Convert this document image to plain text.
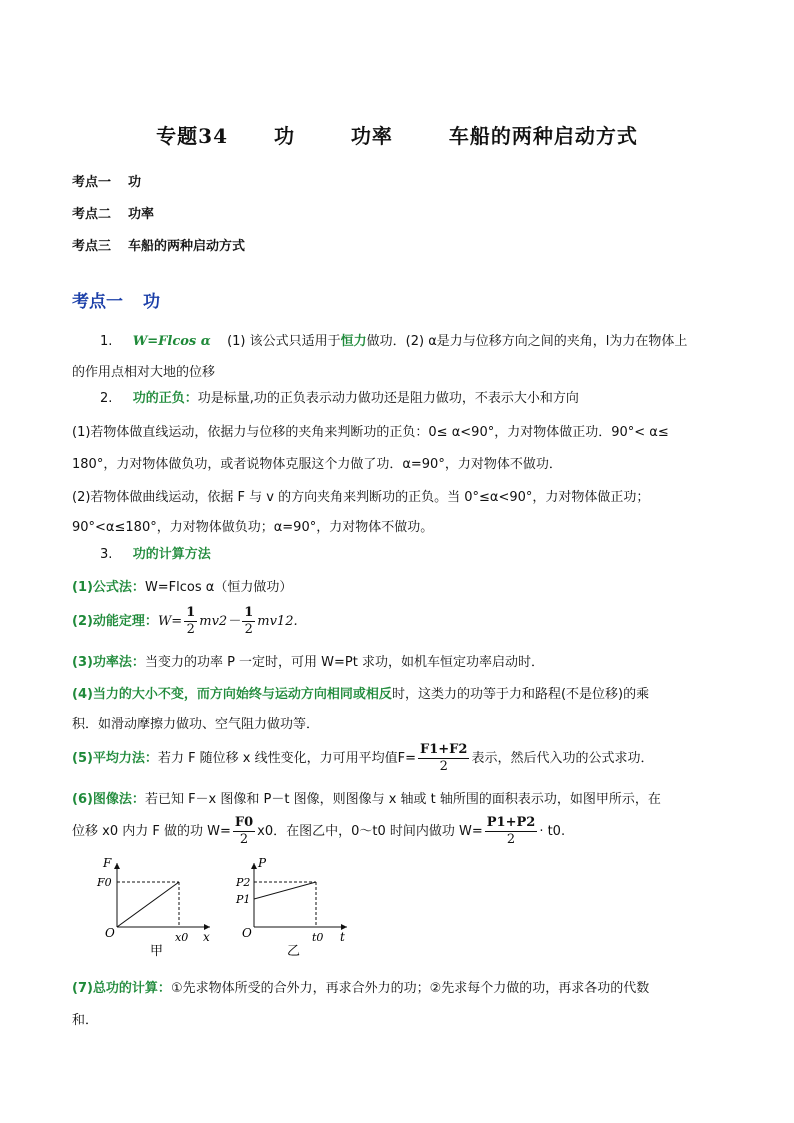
专题34 功	功率	车船的两种启动方式
考点一 功
考点二 功率
考点三 车船的两种启动方式
考点一 功
1. W=Flcos α (1) 该公式只适用于恒力做功．(2) α是力与位移方向之间的夹角，l为力在物体上
的作用点相对大地的位移
2. 功的正负：功是标量,功的正负表示动力做功还是阻力做功，不表示大小和方向
(1)若物体做直线运动，依据力与位移的夹角来判断功的正负：0≤ α<90°，力对物体做正功．90°< α≤
180°，力对物体做负功，或者说物体克服这个力做了功．α=90°，力对物体不做功．
(2)若物体做曲线运动，依据 F 与 v 的方向夹角来判断功的正负。当 0°≤α<90°，力对物体做正功；
90°<α≤180°，力对物体做负功；α=90°，力对物体不做功。
3. 功的计算方法
(1)公式法：W=Flcos α（恒力做功）
(2)动能定理：$W= \frac{1}{2} mv2- \frac{1}{2} mv12$.
(3)功率法：当变力的功率 P 一定时，可用 W=Pt 求功，如机车恒定功率启动时．
(4)当力的大小不变，而方向始终与运动方向相同或相反时，这类力的功等于力和路程(不是位移)的乘
积．如滑动摩擦力做功、空气阻力做功等．
(5)平均力法：若力 F 随位移 x 线性变化，力可用平均值$F= \frac{F1+F2}{2}$ 表示，然后代入功的公式求功．
(6)图像法：若已知 F－x 图像和 P－t 图像，则图像与 x 轴或 t 轴所围的面积表示功，如图甲所示，在
位移 x0 内力 F 做的功 $W= \frac{F0}{2} x0$．在图乙中，0～t0 时间内做功 $W= \frac{P1+P2}{2} \cdot t0$.
F
x
O
F0
x0
甲
P
t
O
P2
P1
t0
乙
(7)总功的计算：①先求物体所受的合外力，再求合外力的功；②先求每个力做的功，再求各功的代数
和．
